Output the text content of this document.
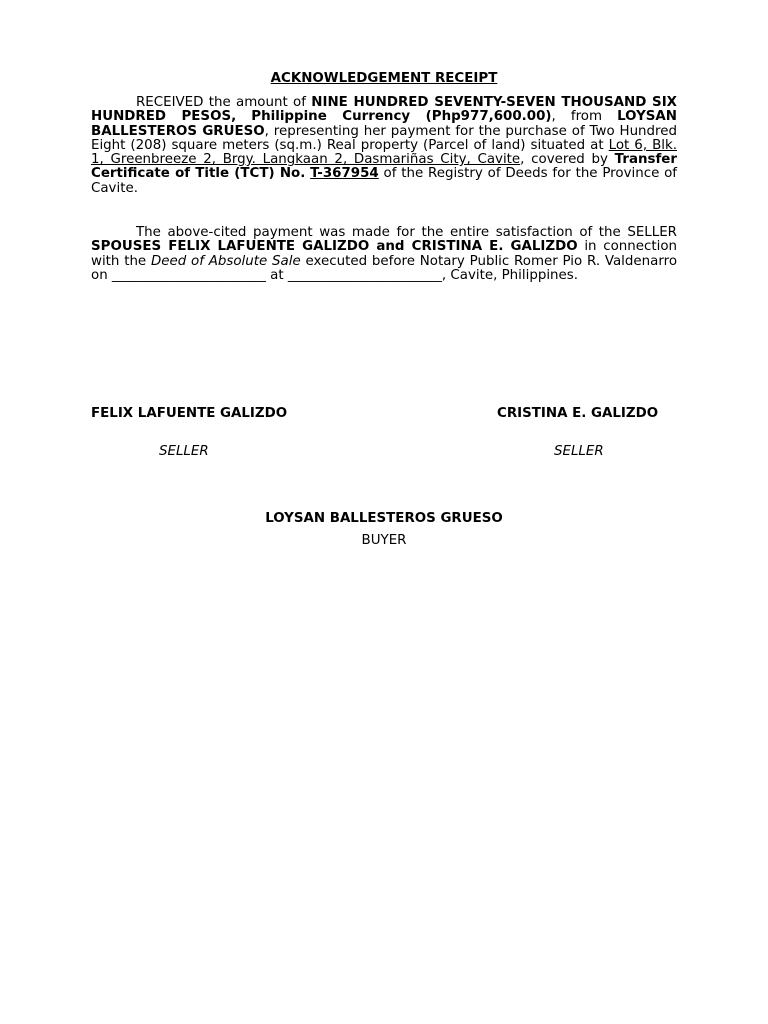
ACKNOWLEDGEMENT RECEIPT

RECEIVED the amount of NINE HUNDRED SEVENTY-SEVEN THOUSAND SIX HUNDRED PESOS, Philippine Currency (Php977,600.00), from LOYSAN BALLESTEROS GRUESO, representing her payment for the purchase of Two Hundred Eight (208) square meters (sq.m.) Real property (Parcel of land) situated at Lot 6, Blk. 1, Greenbreeze 2, Brgy. Langkaan 2, Dasmariñas City, Cavite, covered by Transfer Certificate of Title (TCT) No. T-367954 of the Registry of Deeds for the Province of Cavite.

The above-cited payment was made for the entire satisfaction of the SELLER SPOUSES FELIX LAFUENTE GALIZDO and CRISTINA E. GALIZDO in connection with the Deed of Absolute Sale executed before Notary Public Romer Pio R. Valdenarro on _______________________ at _______________________, Cavite, Philippines.

FELIX LAFUENTE GALIZDO	CRISTINA E. GALIZDO
SELLER	SELLER
LOYSAN BALLESTEROS GRUESO
BUYER
